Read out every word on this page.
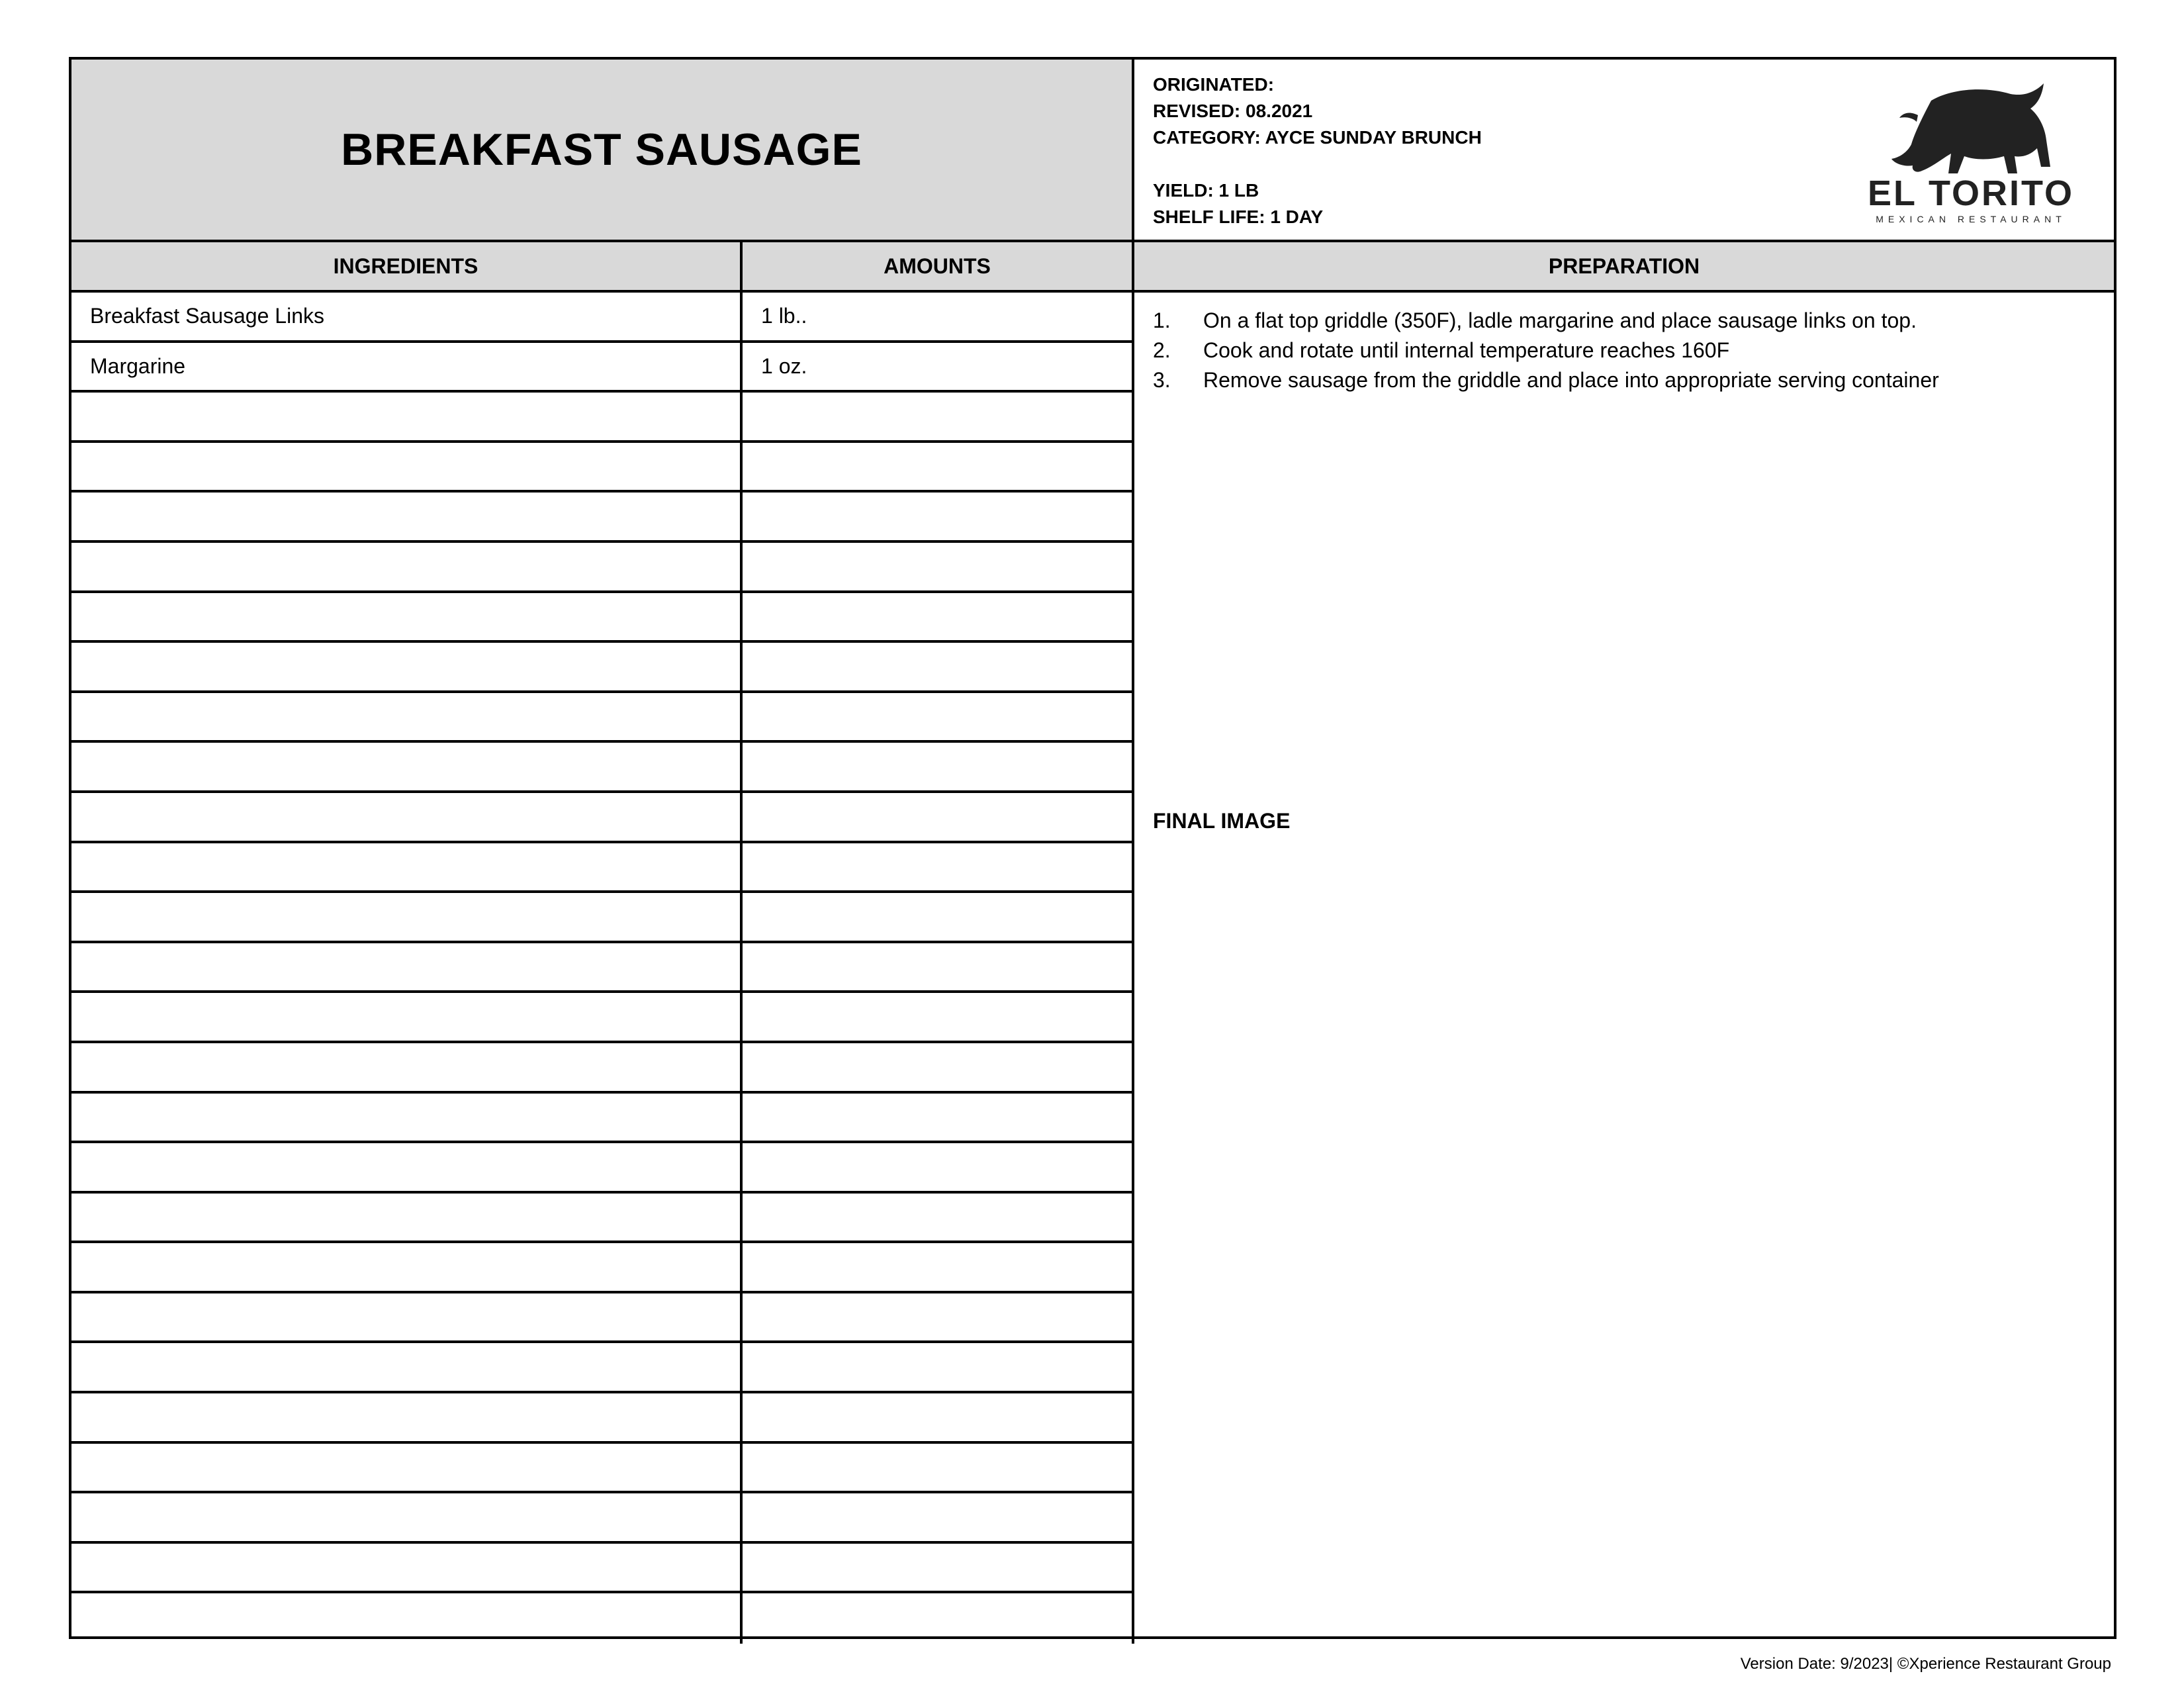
BREAKFAST SAUSAGE
ORIGINATED:
REVISED: 08.2021
CATEGORY: AYCE SUNDAY BRUNCH
YIELD: 1 LB
SHELF LIFE: 1 DAY
EL TORITO
MEXICAN RESTAURANT
INGREDIENTS	AMOUNTS	PREPARATION
Breakfast Sausage Links	1 lb..
Margarine	1 oz.
1.	On a flat top griddle (350F), ladle margarine and place sausage links on top.
2.	Cook and rotate until internal temperature reaches 160F
3.	Remove sausage from the griddle and place into appropriate serving container
FINAL IMAGE
Version Date: 9/2023| ©Xperience Restaurant Group
